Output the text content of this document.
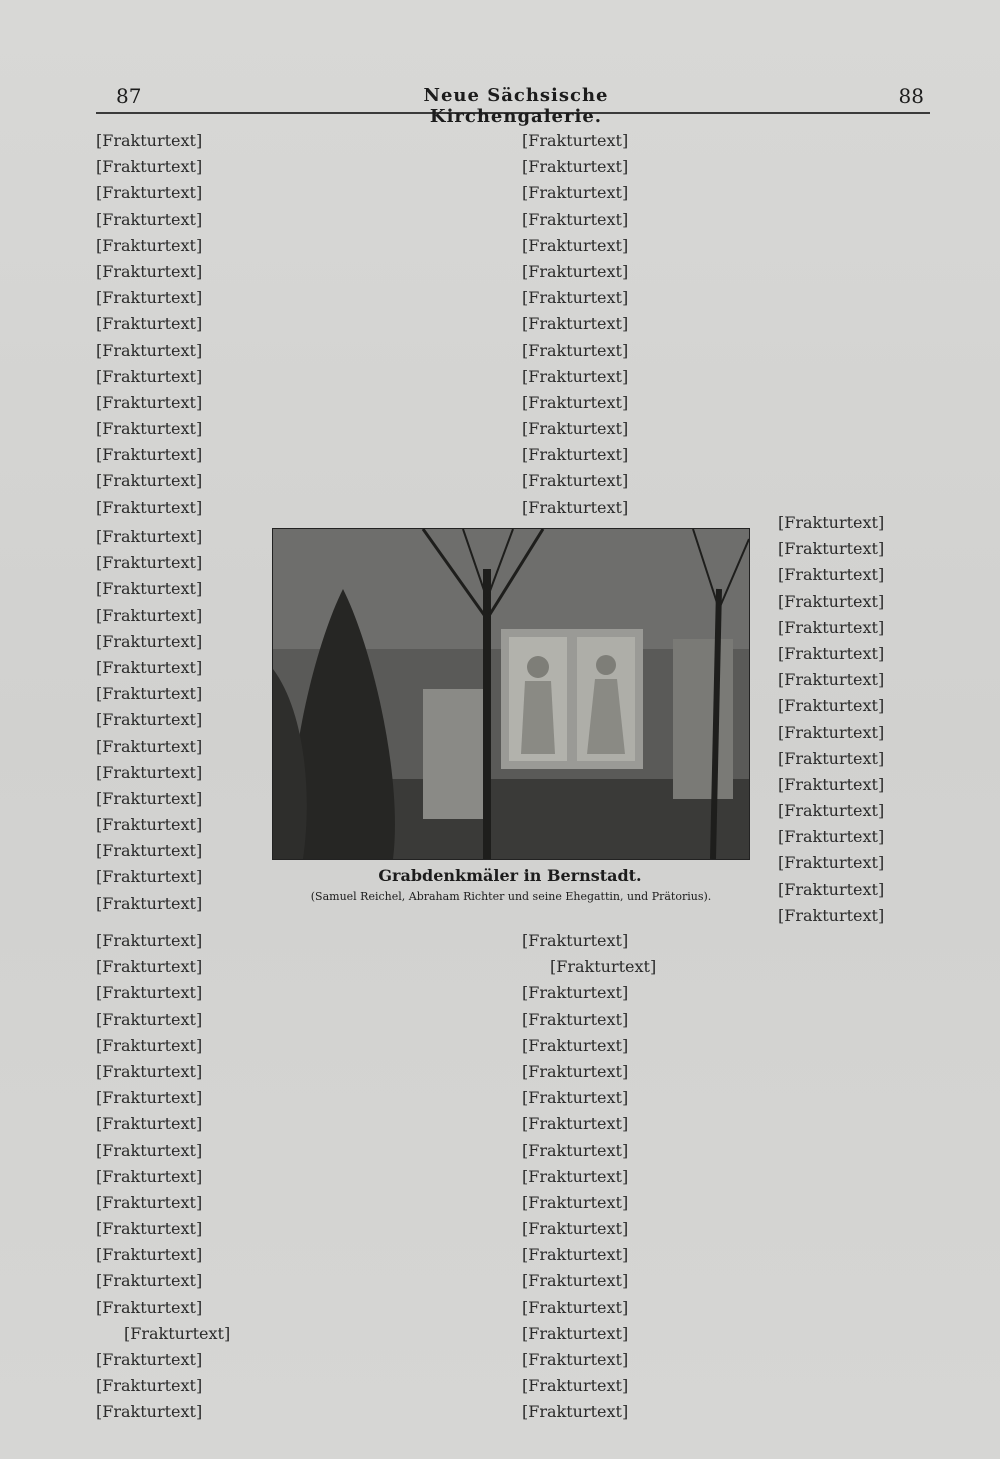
87	Neue Sächsische Kirchengalerie.
88
[Frakturtext]
[Frakturtext]
[Frakturtext]
[Frakturtext]
[Frakturtext]
[Frakturtext]
[Frakturtext]
[Frakturtext]
[Frakturtext]
[Frakturtext]
[Frakturtext]
[Frakturtext]
[Frakturtext]
[Frakturtext]
[Frakturtext]
[Frakturtext]
[Frakturtext]
[Frakturtext]
[Frakturtext]
[Frakturtext]
[Frakturtext]
[Frakturtext]
[Frakturtext]
[Frakturtext]
[Frakturtext]
[Frakturtext]
[Frakturtext]
[Frakturtext]
[Frakturtext]
[Frakturtext]
[Frakturtext]
[Frakturtext]
[Frakturtext]
[Frakturtext]
[Frakturtext]
[Frakturtext]
[Frakturtext]
[Frakturtext]
[Frakturtext]
[Frakturtext]
[Frakturtext]
[Frakturtext]
[Frakturtext]
[Frakturtext]
[Frakturtext]
[Frakturtext]
[Frakturtext]
[Frakturtext]
[Frakturtext]
[Frakturtext]
[Frakturtext]
[Frakturtext]
[Frakturtext]
[Frakturtext]
[Frakturtext]
[Frakturtext]
[Frakturtext]
[Frakturtext]
[Frakturtext]
[Frakturtext]
[Frakturtext]
[Frakturtext]
[Frakturtext]
[Frakturtext]
[Frakturtext]
[Frakturtext]
[Frakturtext]
[Frakturtext]
[Frakturtext]
[Frakturtext]
[Frakturtext]
[Frakturtext]
[Frakturtext]
[Frakturtext]
[Frakturtext]
[Frakturtext]
[Frakturtext]
[Frakturtext]
[Frakturtext]
[Frakturtext]
[Frakturtext]
[Frakturtext]
[Frakturtext]
[Frakturtext]
[Frakturtext]
[Frakturtext]
[Frakturtext]
[Frakturtext]
[Frakturtext]
[Frakturtext]
[Frakturtext]
[Frakturtext]
[Frakturtext]
[Frakturtext]
[Frakturtext]
[Frakturtext]
[Frakturtext]
[Frakturtext]
[Frakturtext]
Grabdenkmäler in Bernstadt.
(Samuel Reichel, Abraham Richter und seine Ehegattin, und Prätorius).
